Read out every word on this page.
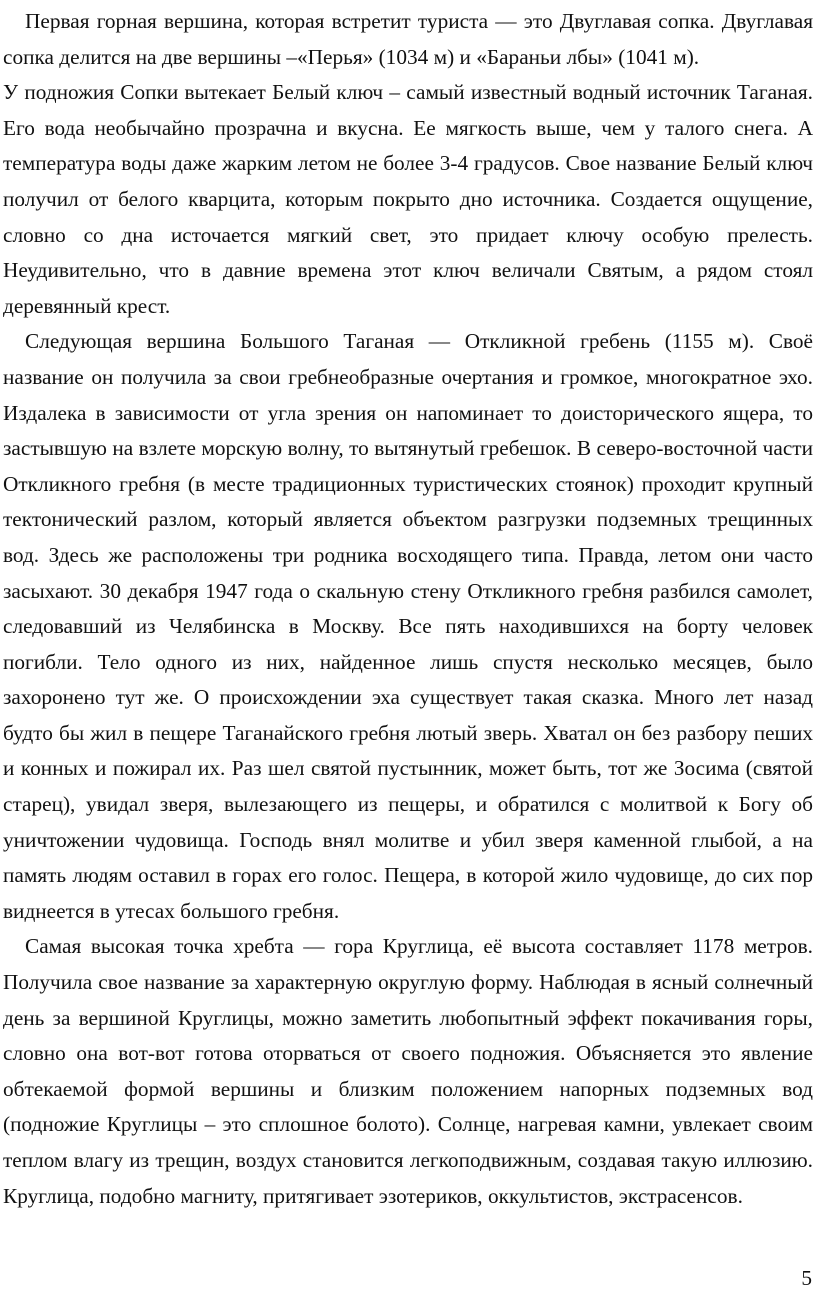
Первая горная вершина, которая встретит туриста — это Двуглавая сопка. Двуглавая сопка делится на две вершины –«Перья» (1034 м) и «Бараньи лбы» (1041 м).

У подножия Сопки вытекает Белый ключ – самый известный водный источник Таганая. Его вода необычайно прозрачна и вкусна. Ее мягкость выше, чем у талого снега. А температура воды даже жарким летом не более 3-4 градусов. Свое название Белый ключ получил от белого кварцита, которым покрыто дно источника. Создается ощущение, словно со дна источается мягкий свет, это придает ключу особую прелесть. Неудивительно, что в давние времена этот ключ величали Святым, а рядом стоял деревянный крест.

Следующая вершина Большого Таганая — Откликной гребень (1155 м). Своё название он получила за свои гребнеобразные очертания и громкое, многократное эхо. Издалека в зависимости от угла зрения он напоминает то доисторического ящера, то застывшую на взлете морскую волну, то вытянутый гребешок. В северо-восточной части Откликного гребня (в месте традиционных туристических стоянок) проходит крупный тектонический разлом, который является объектом разгрузки подземных трещинных вод. Здесь же расположены три родника восходящего типа. Правда, летом они часто засыхают. 30 декабря 1947 года о скальную стену Откликного гребня разбился самолет, следовавший из Челябинска в Москву. Все пять находившихся на борту человек погибли. Тело одного из них, найденное лишь спустя несколько месяцев, было захоронено тут же. О происхождении эха существует такая сказка. Много лет назад будто бы жил в пещере Таганайского гребня лютый зверь. Хватал он без разбору пеших и конных и пожирал их. Раз шел святой пустынник, может быть, тот же Зосима (святой старец), увидал зверя, вылезающего из пещеры, и обратился с молитвой к Богу об уничтожении чудовища. Господь внял молитве и убил зверя каменной глыбой, а на память людям оставил в горах его голос. Пещера, в которой жило чудовище, до сих пор виднеется в утесах большого гребня.

Самая высокая точка хребта — гора Круглица, её высота составляет 1178 метров. Получила свое название за характерную округлую форму. Наблюдая в ясный солнечный день за вершиной Круглицы, можно заметить любопытный эффект покачивания горы, словно она вот-вот готова оторваться от своего подножия. Объясняется это явление обтекаемой формой вершины и близким положением напорных подземных вод (подножие Круглицы – это сплошное болото). Солнце, нагревая камни, увлекает своим теплом влагу из трещин, воздух становится легкоподвижным, создавая такую иллюзию. Круглица, подобно магниту, притягивает эзотериков, оккультистов, экстрасенсов.

5
